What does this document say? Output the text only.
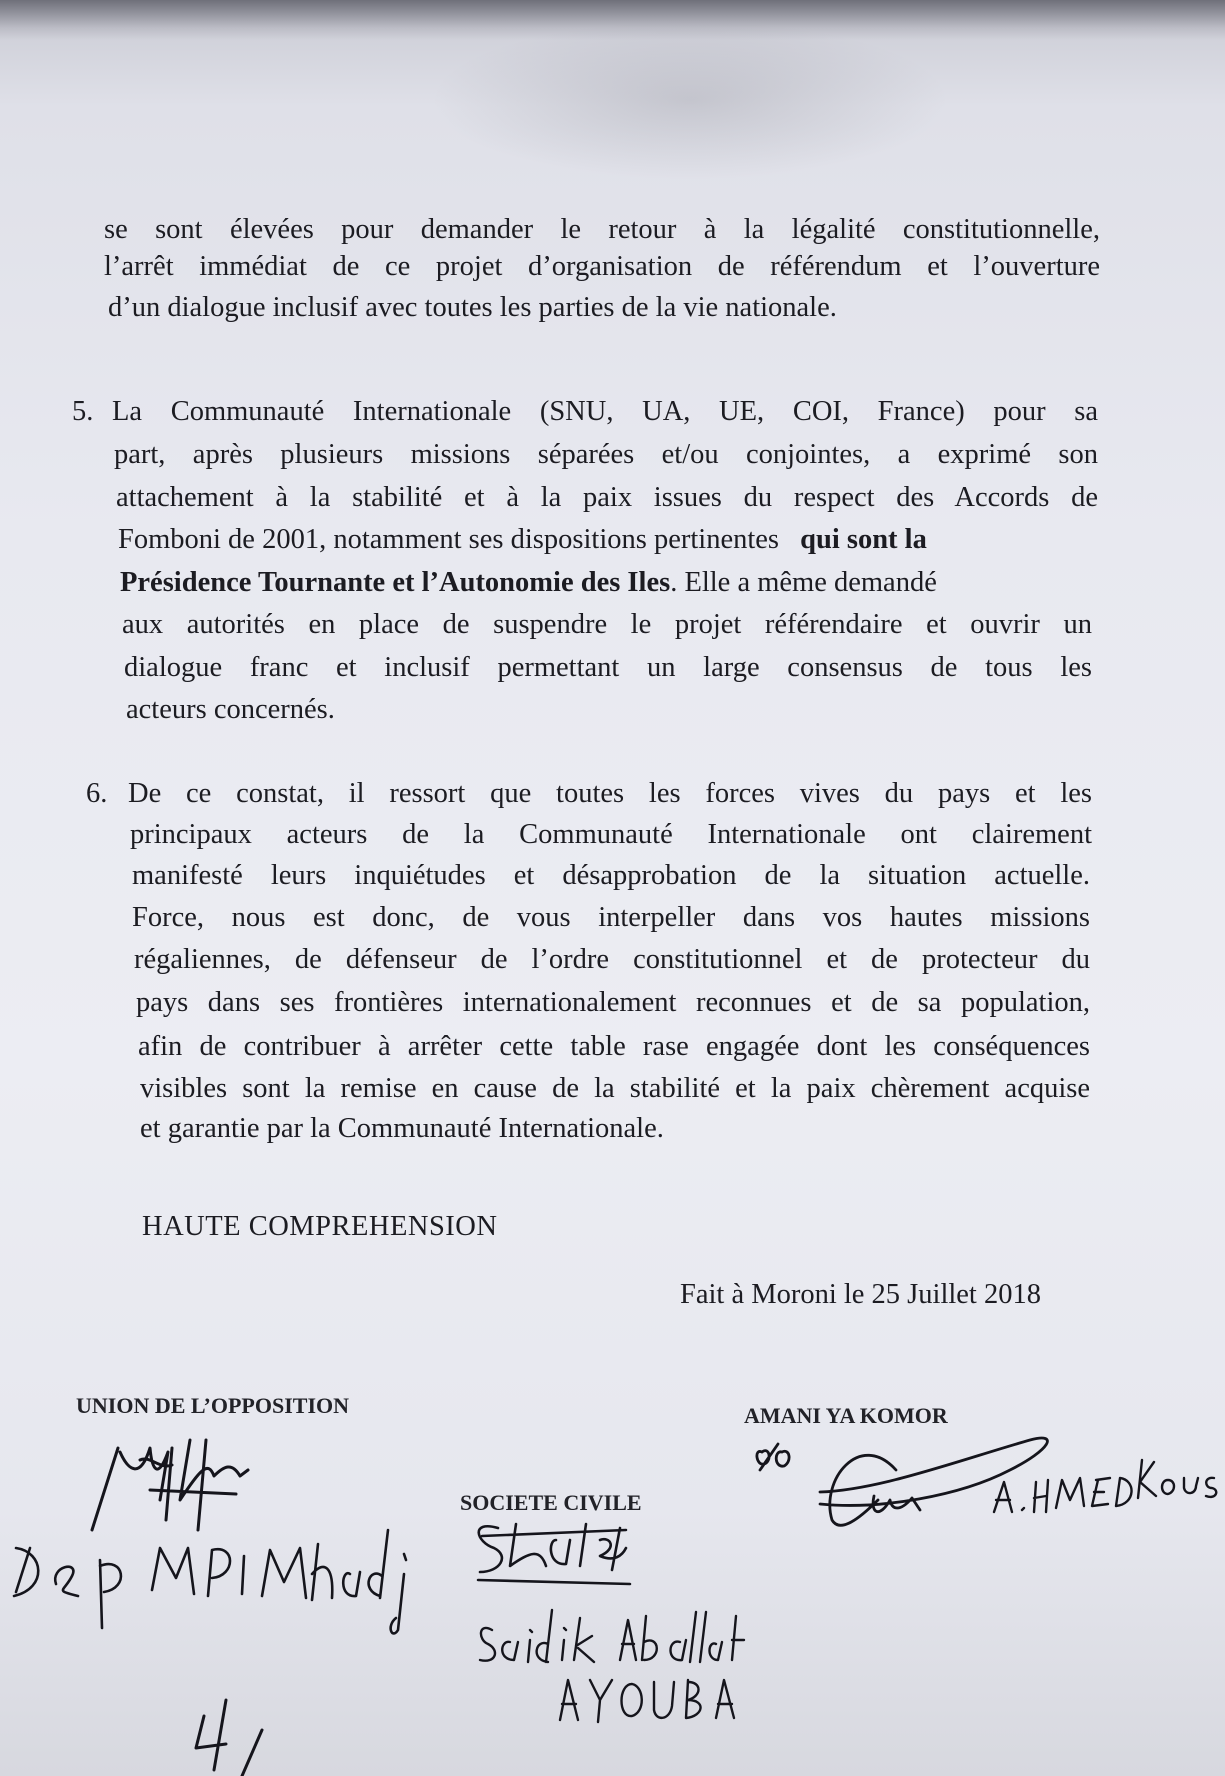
se sont élevées pour demander le retour à la légalité constitutionnelle,
l’arrêt immédiat de ce projet d’organisation de référendum et l’ouverture
d’un dialogue inclusif avec toutes les parties de la vie nationale.
5. La Communauté Internationale (SNU, UA, UE, COI, France) pour sa
part, après plusieurs missions séparées et/ou conjointes, a exprimé son
attachement à la stabilité et à la paix issues du respect des Accords de
Fomboni de 2001, notamment ses dispositions pertinentes qui sont la
Présidence Tournante et l’Autonomie des Iles. Elle a même demandé
aux autorités en place de suspendre le projet référendaire et ouvrir un
dialogue franc et inclusif permettant un large consensus de tous les
acteurs concernés.
6. De ce constat, il ressort que toutes les forces vives du pays et les
principaux acteurs de la Communauté Internationale ont clairement
manifesté leurs inquiétudes et désapprobation de la situation actuelle.
Force, nous est donc, de vous interpeller dans vos hautes missions
régaliennes, de défenseur de l’ordre constitutionnel et de protecteur du
pays dans ses frontières internationalement reconnues et de sa population,
afin de contribuer à arrêter cette table rase engagée dont les conséquences
visibles sont la remise en cause de la stabilité et la paix chèrement acquise
et garantie par la Communauté Internationale.
HAUTE COMPREHENSION
Fait à Moroni le 25 Juillet 2018
UNION DE L’OPPOSITION
SOCIETE CIVILE
AMANI YA KOMOR
